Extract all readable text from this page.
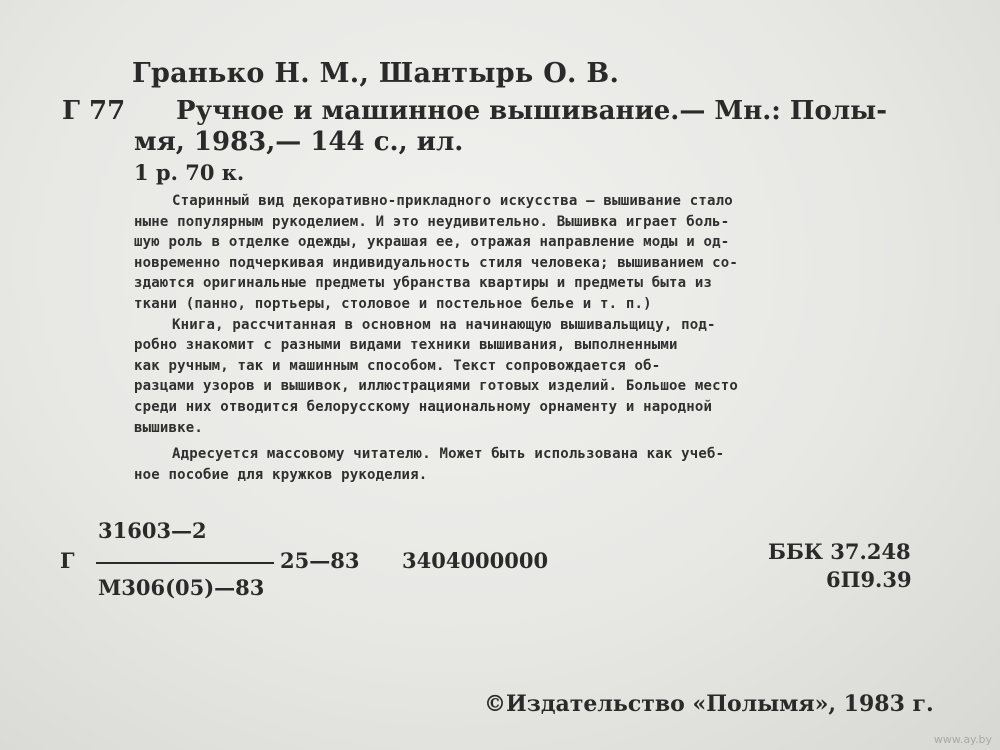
Гранько Н. М., Шантырь О. В.
Г 77 Ручное и машинное вышивание.— Мн.: Полы-
мя, 1983,— 144 с., ил.
1 р. 70 к.
Старинный вид декоративно-прикладного искусства — вышивание стало
ныне популярным рукоделием. И это неудивительно. Вышивка играет боль-
шую роль в отделке одежды, украшая ее, отражая направление моды и од-
новременно подчеркивая индивидуальность стиля человека; вышиванием со-
здаются оригинальные предметы убранства квартиры и предметы быта из
ткани (панно, портьеры, столовое и постельное белье и т. п.)
Книга, рассчитанная в основном на начинающую вышивальщицу, под-
робно знакомит с разными видами техники вышивания, выполненными
как ручным, так и машинным способом. Текст сопровождается об-
разцами узоров и вышивок, иллюстрациями готовых изделий. Большое место
среди них отводится белорусскому национальному орнаменту и народной
вышивке.
Адресуется массовому читателю. Может быть использована как учеб-
ное пособие для кружков рукоделия.
31603—2
Г	25—83 3404000000
М306(05)—83
ББК 37.248
6П9.39
©Издательство «Полымя», 1983 г.
www.ay.by
